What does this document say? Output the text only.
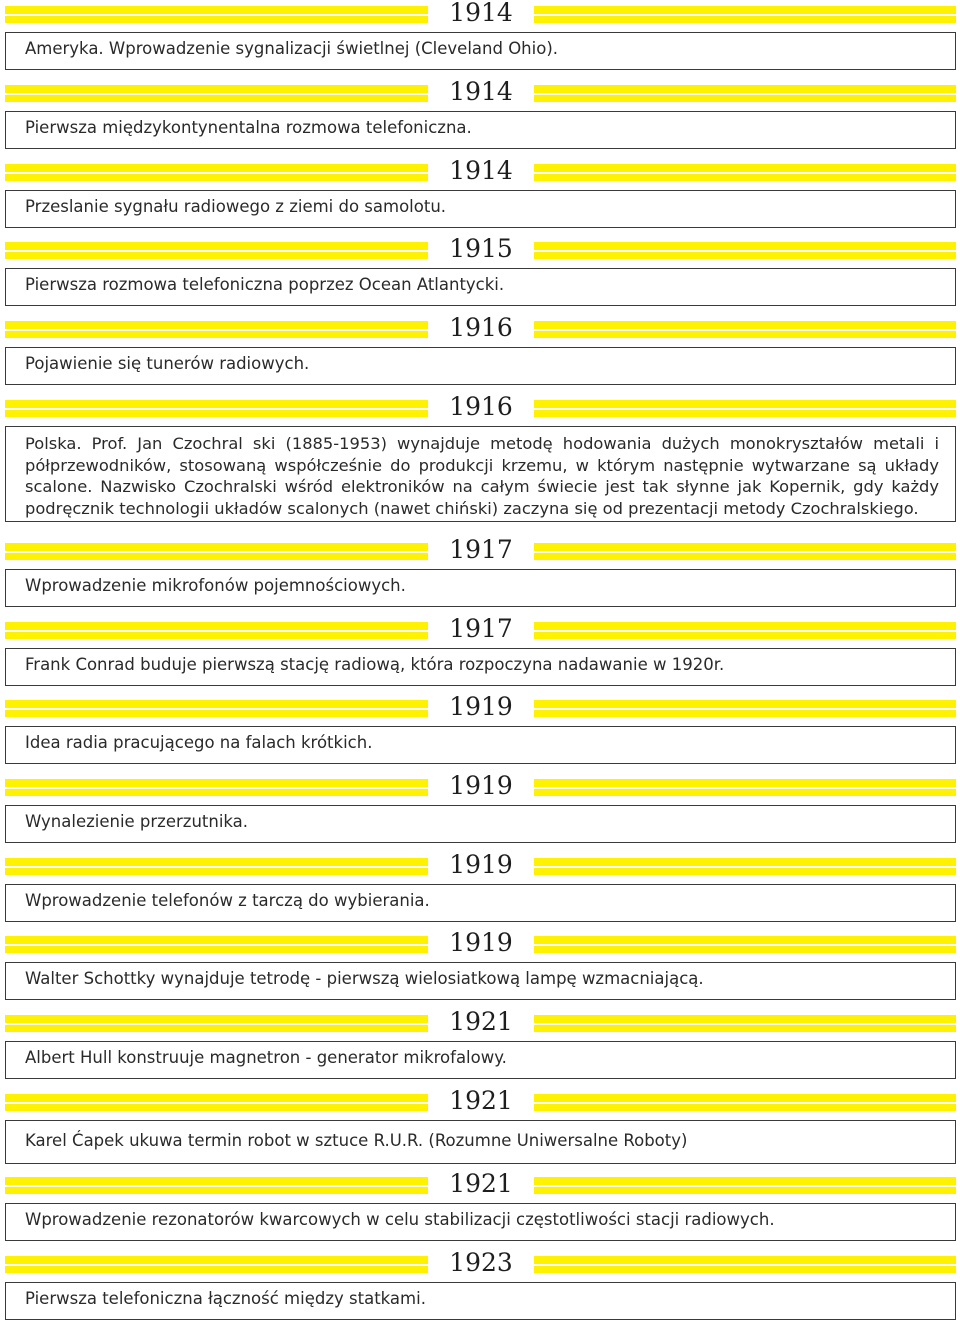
1914
Ameryka. Wprowadzenie sygnalizacji świetlnej (Cleveland Ohio).
1914
Pierwsza międzykontynentalna rozmowa telefoniczna.
1914
Przeslanie sygnału radiowego z ziemi do samolotu.
1915
Pierwsza rozmowa telefoniczna poprzez Ocean Atlantycki.
1916
Pojawienie się tunerów radiowych.
1916
Polska. Prof. Jan Czochral ski (1885-1953) wynajduje metodę hodowania dużych monokryształów metali i półprzewodników, stosowaną współcześnie do produkcji krzemu, w którym następnie wytwarzane są układy scalone. Nazwisko Czochralski wśród elektroników na całym świecie jest tak słynne jak Kopernik, gdy każdy podręcznik technologii układów scalonych (nawet chiński) zaczyna się od prezentacji metody Czochralskiego.
1917
Wprowadzenie mikrofonów pojemnościowych.
1917
Frank Conrad buduje pierwszą stację radiową, która rozpoczyna nadawanie w 1920r.
1919
Idea radia pracującego na falach krótkich.
1919
Wynalezienie przerzutnika.
1919
Wprowadzenie telefonów z tarczą do wybierania.
1919
Walter Schottky wynajduje tetrodę - pierwszą wielosiatkową lampę wzmacniającą.
1921
Albert Hull konstruuje magnetron - generator mikrofalowy.
1921
Karel Ćapek ukuwa termin robot w sztuce R.U.R. (Rozumne Uniwersalne Roboty)
1921
Wprowadzenie rezonatorów kwarcowych w celu stabilizacji częstotliwości stacji radiowych.
1923
Pierwsza telefoniczna łączność między statkami.
